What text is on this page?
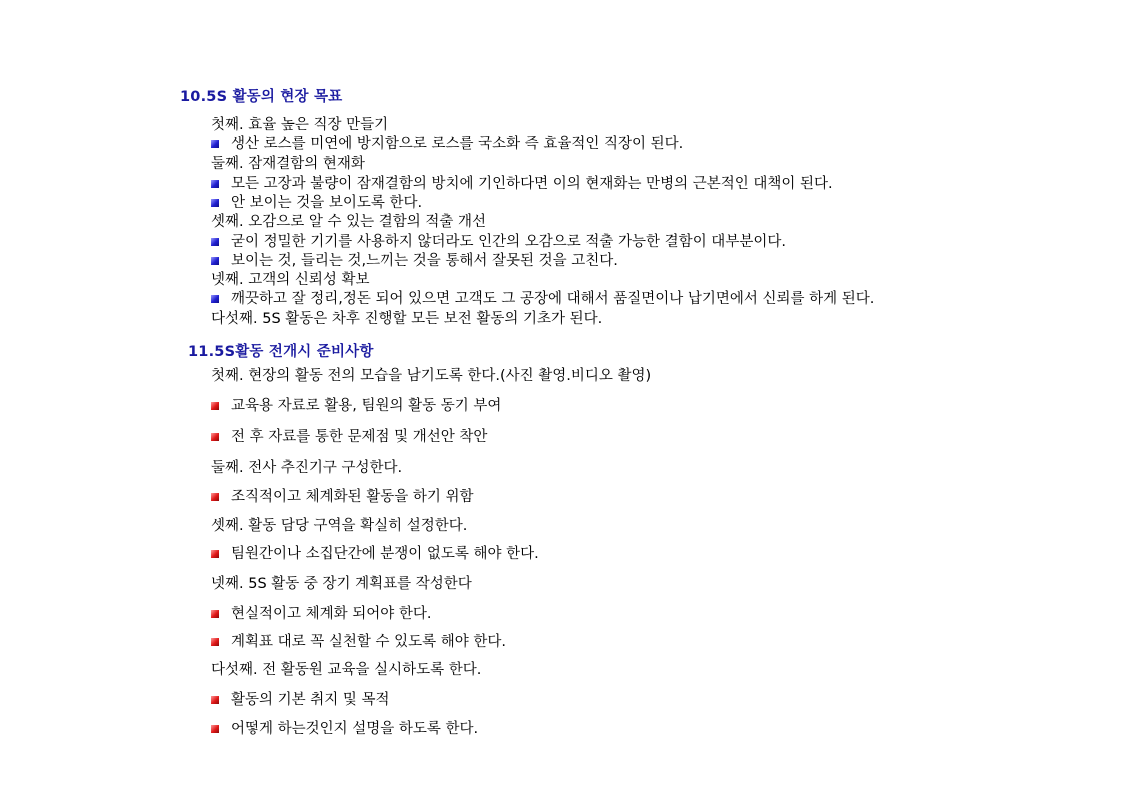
10.5S 활동의 현장 목표
첫째. 효율 높은 직장 만들기
생산 로스를 미연에 방지함으로 로스를 국소화 즉 효율적인 직장이 된다.
둘째. 잠재결함의 현재화
모든 고장과 불량이 잠재결함의 방치에 기인하다면 이의 현재화는 만병의 근본적인 대책이 된다.
안 보이는 것을 보이도록 한다.
셋째. 오감으로 알 수 있는 결함의 적출 개선
굳이 정밀한 기기를 사용하지 않더라도 인간의 오감으로 적출 가능한 결함이 대부분이다.
보이는 것, 들리는 것,느끼는 것을 통해서 잘못된 것을 고친다.
넷째. 고객의 신뢰성 확보
깨끗하고 잘 정리,정돈 되어 있으면 고객도 그 공장에 대해서 품질면이나 납기면에서 신뢰를 하게 된다.
다섯째. 5S 활동은 차후 진행할 모든 보전 활동의 기초가 된다.
11.5S활동 전개시 준비사항
첫째. 현장의 활동 전의 모습을 남기도록 한다.(사진 촬영.비디오 촬영)
교육용 자료로 활용, 팀원의 활동 동기 부여
전 후 자료를 통한 문제점 및 개선안 착안
둘째. 전사 추진기구 구성한다.
조직적이고 체계화된 활동을 하기 위함
셋째. 활동 담당 구역을 확실히 설정한다.
팀원간이나 소집단간에 분쟁이 없도록 해야 한다.
넷째. 5S 활동 중 장기 계획표를 작성한다
현실적이고 체계화 되어야 한다.
계획표 대로 꼭 실천할 수 있도록 해야 한다.
다섯째. 전 활동원 교육을 실시하도록 한다.
활동의 기본 취지 및 목적
어떻게 하는것인지 설명을 하도록 한다.
